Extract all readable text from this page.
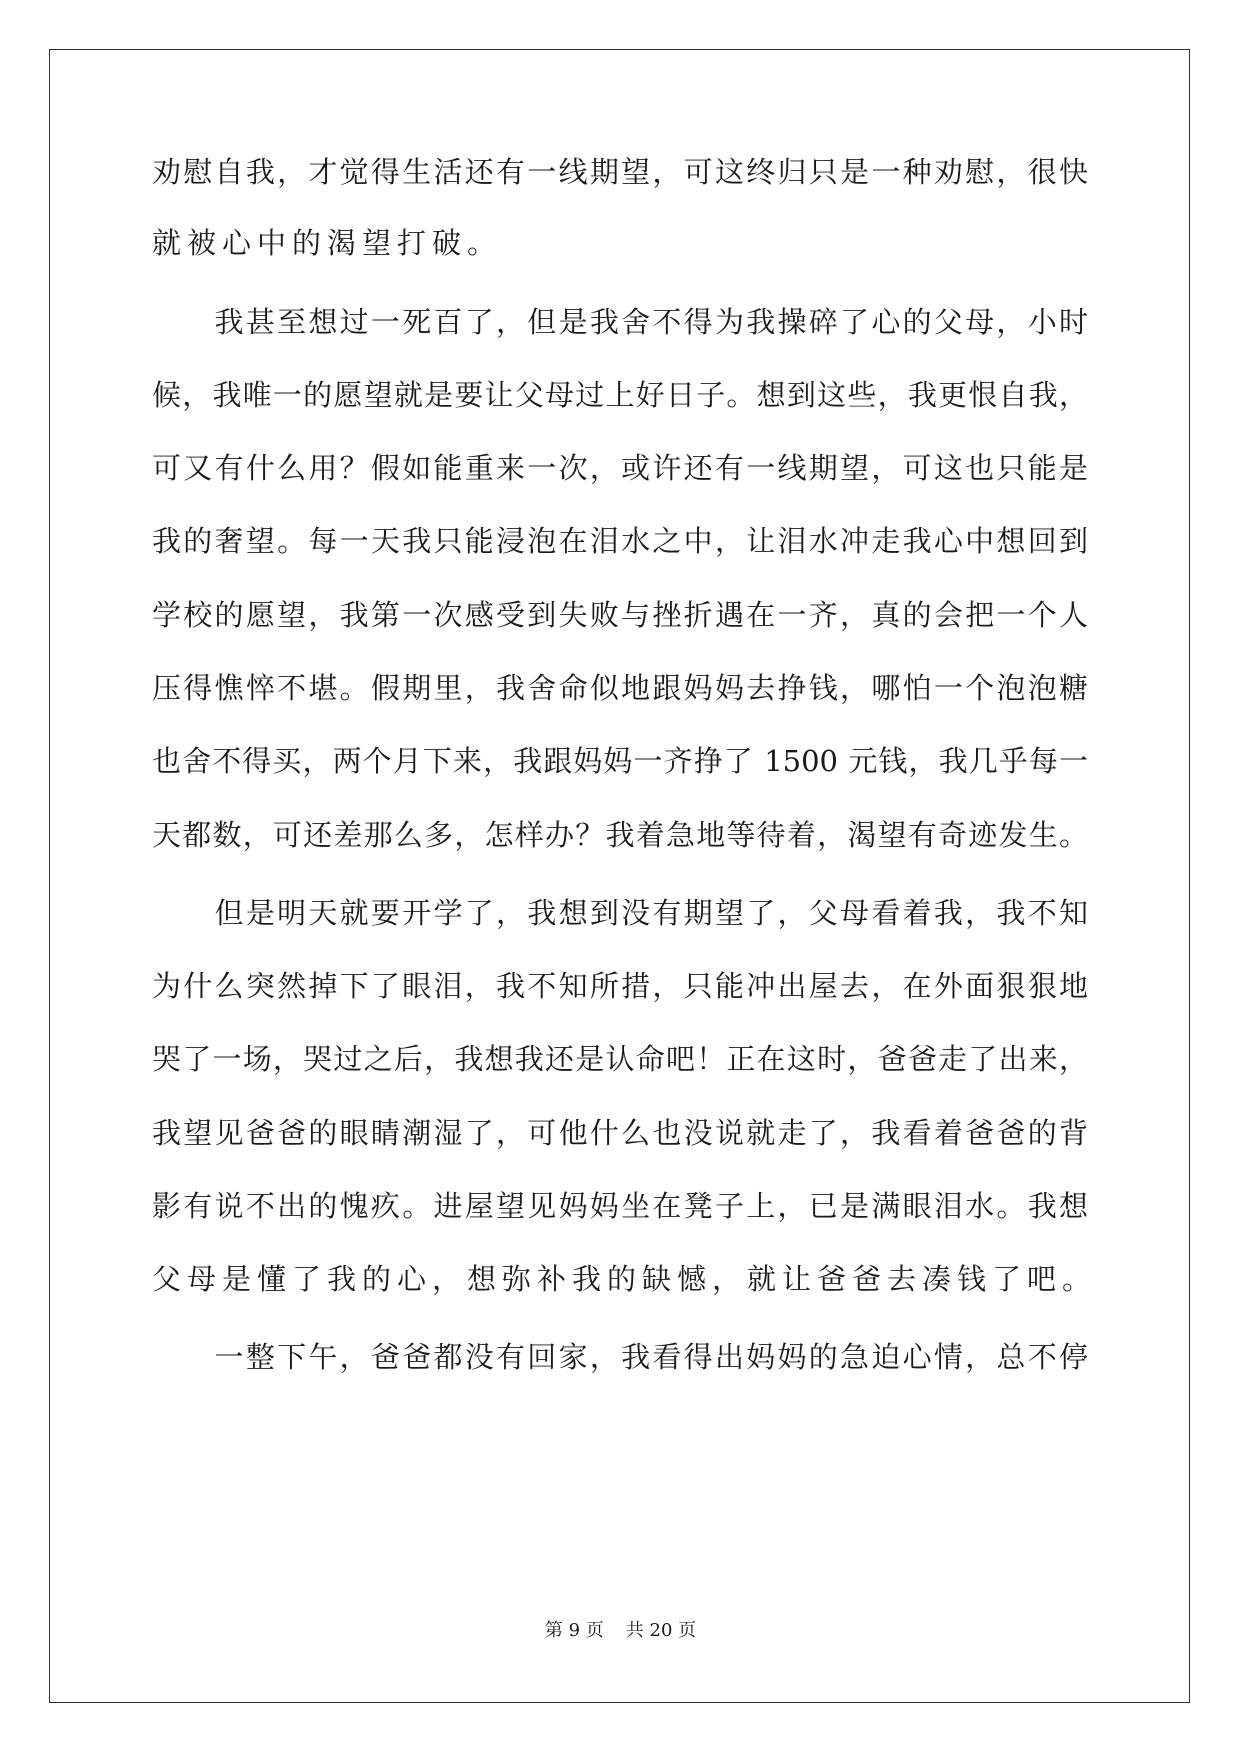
劝慰自我，才觉得生活还有一线期望，可这终归只是一种劝慰，很快
就被心中的渴望打破。
　　我甚至想过一死百了，但是我舍不得为我操碎了心的父母，小时
候，我唯一的愿望就是要让父母过上好日子。想到这些，我更恨自我，
可又有什么用？假如能重来一次，或许还有一线期望，可这也只能是
我的奢望。每一天我只能浸泡在泪水之中，让泪水冲走我心中想回到
学校的愿望，我第一次感受到失败与挫折遇在一齐，真的会把一个人
压得憔悴不堪。假期里，我舍命似地跟妈妈去挣钱，哪怕一个泡泡糖
也舍不得买，两个月下来，我跟妈妈一齐挣了 1500 元钱，我几乎每一
天都数，可还差那么多，怎样办？我着急地等待着，渴望有奇迹发生。
　　但是明天就要开学了，我想到没有期望了，父母看着我，我不知
为什么突然掉下了眼泪，我不知所措，只能冲出屋去，在外面狠狠地
哭了一场，哭过之后，我想我还是认命吧！正在这时，爸爸走了出来，
我望见爸爸的眼睛潮湿了，可他什么也没说就走了，我看着爸爸的背
影有说不出的愧疚。进屋望见妈妈坐在凳子上，已是满眼泪水。我想
父母是懂了我的心，想弥补我的缺憾，就让爸爸去凑钱了吧。
　　一整下午，爸爸都没有回家，我看得出妈妈的急迫心情，总不停
第 9 页 共 20 页
